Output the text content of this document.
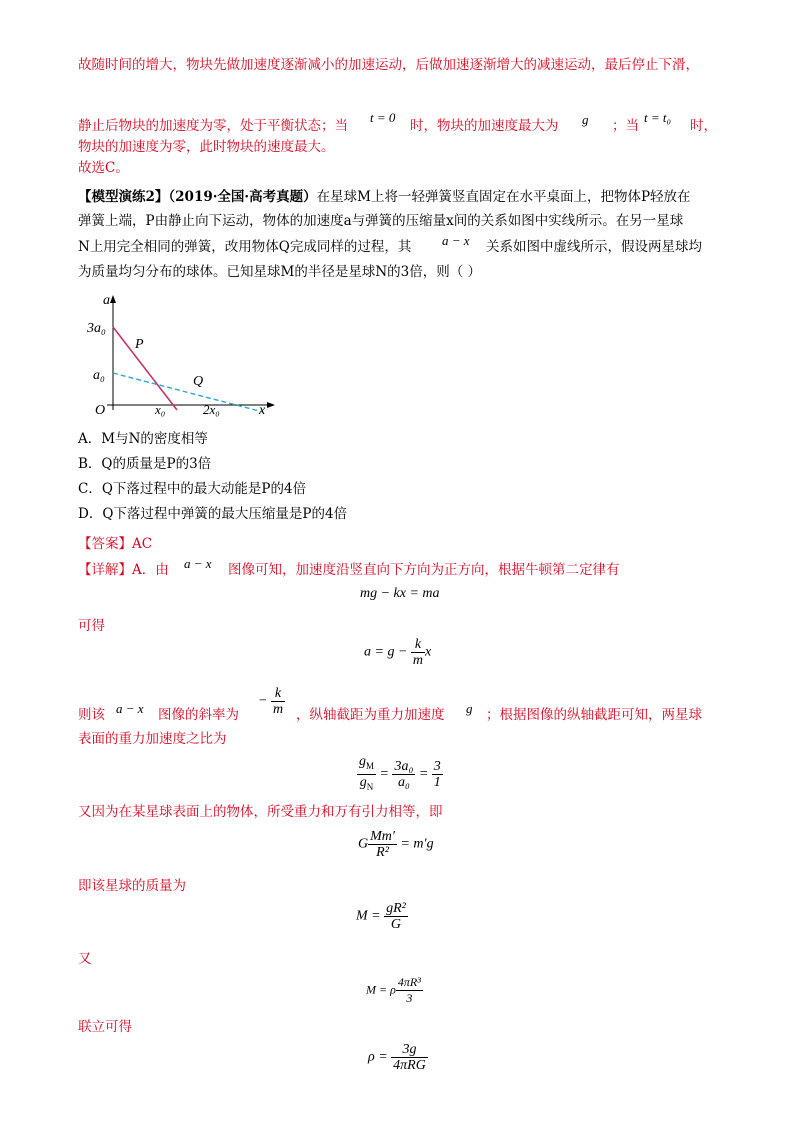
故随时间的增大，物块先做加速度逐渐减小的加速运动，后做加速逐渐增大的减速运动，最后停止下滑，
静止后物块的加速度为零，处于平衡状态；当
t = 0
时，物块的加速度最大为 g ；当
t = t₀
时，
物块的加速度为零，此时物块的速度最大。
故选C。
【模型演练2】（2019·全国·高考真题）在星球M上将一轻弹簧竖直固定在水平桌面上，把物体P轻放在
弹簧上端，P由静止向下运动，物体的加速度a与弹簧的压缩量x间的关系如图中实线所示。在另一星球
N上用完全相同的弹簧，改用物体Q完成同样的过程，其 a − x 关系如图中虚线所示，假设两星球均
为质量均匀分布的球体。已知星球M的半径是星球N的3倍，则（ ）
a
3a₀
a₀
O	x₀	2x₀	x
P
Q
A．M与N的密度相等
B．Q的质量是P的3倍
C．Q下落过程中的最大动能是P的4倍
D．Q下落过程中弹簧的最大压缩量是P的4倍
【答案】AC
【详解】A．由 a − x 图像可知，加速度沿竖直向下方向为正方向，根据牛顿第二定律有
mg − kx = ma
可得
$a = g - \frac{k}{m}$ x
则该 a − x 图像的斜率为
− $\frac{k}{m}$ ，纵轴截距为重力加速度 g ；根据图像的纵轴截距可知，两星球
表面的重力加速度之比为
$\frac{g_M}{g_N} = \frac{\text{3a₀}}{\text{a₀}} = \frac{3}{1}$
又因为在某星球表面上的物体，所受重力和万有引力相等，即
G $\frac{Mm'}{\text{R²}} = m'g$
即该星球的质量为
$M = \frac{\text{gR²}}{G}$
又
M = ρ $\frac{\text{4πR³}}{3}$
联立可得
$\rho = \frac{3g}{\text{4πRG}}$
